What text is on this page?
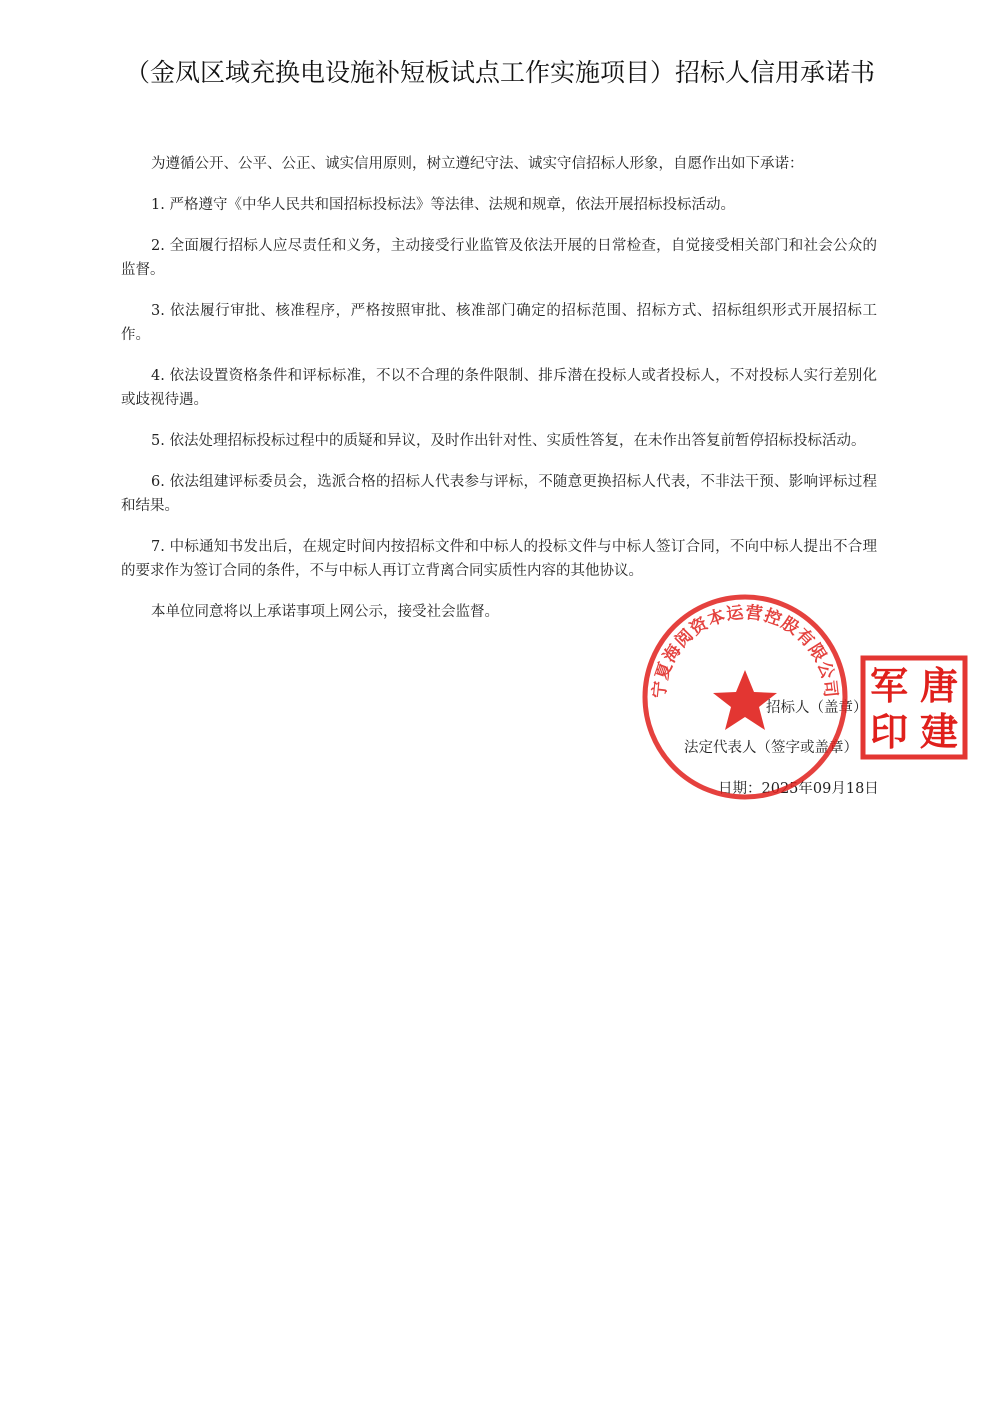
（金凤区域充换电设施补短板试点工作实施项目）招标人信用承诺书

为遵循公开、公平、公正、诚实信用原则，树立遵纪守法、诚实守信招标人形象，自愿作出如下承诺：

1. 严格遵守《中华人民共和国招标投标法》等法律、法规和规章，依法开展招标投标活动。

2. 全面履行招标人应尽责任和义务，主动接受行业监管及依法开展的日常检查，自觉接受相关部门和社会公众的监督。

3. 依法履行审批、核准程序，严格按照审批、核准部门确定的招标范围、招标方式、招标组织形式开展招标工作。

4. 依法设置资格条件和评标标准，不以不合理的条件限制、排斥潜在投标人或者投标人，不对投标人实行差别化或歧视待遇。

5. 依法处理招标投标过程中的质疑和异议，及时作出针对性、实质性答复，在未作出答复前暂停招标投标活动。

6. 依法组建评标委员会，选派合格的招标人代表参与评标，不随意更换招标人代表，不非法干预、影响评标过程和结果。

7. 中标通知书发出后，在规定时间内按招标文件和中标人的投标文件与中标人签订合同，不向中标人提出不合理的要求作为签订合同的条件，不与中标人再订立背离合同实质性内容的其他协议。

本单位同意将以上承诺事项上网公示，接受社会监督。

招标人（盖章）
法定代表人（签字或盖章）
日期：2025年09月18日
宁夏海阅资本运营控股有限公司 唐
军
建
印
